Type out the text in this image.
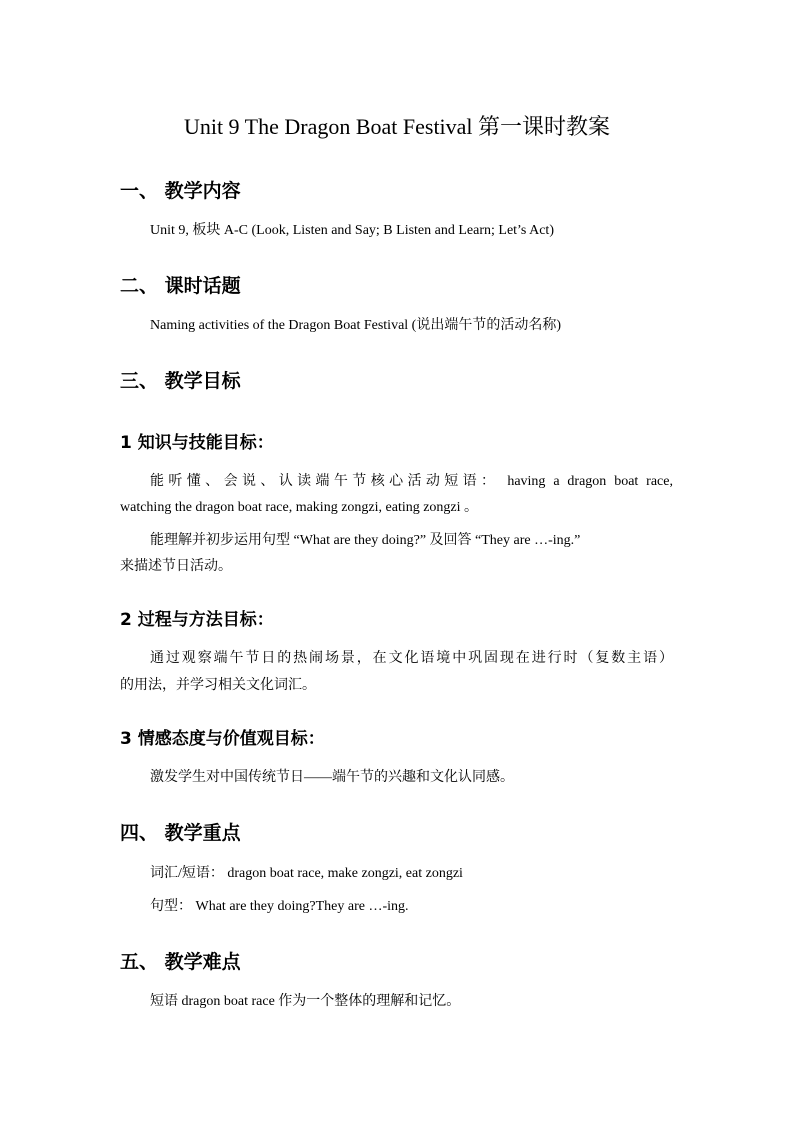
Unit 9 The Dragon Boat Festival 第一课时教案
一、 教学内容
Unit 9, 板块 A-C (Look, Listen and Say; B Listen and Learn; Let’s Act)
二、 课时话题
Naming activities of the Dragon Boat Festival (说出端午节的活动名称)
三、 教学目标
1 知识与技能目标：
能听懂、会说、认读端午节核心活动短语： having a dragon boat race,
watching the dragon boat race, making zongzi, eating zongzi 。
能理解并初步运用句型 “What are they doing?” 及回答 “They are …-ing.”
来描述节日活动。
2 过程与方法目标：
通过观察端午节日的热闹场景，在文化语境中巩固现在进行时（复数主语）
的用法，并学习相关文化词汇。
3 情感态度与价值观目标：
激发学生对中国传统节日——端午节的兴趣和文化认同感。
四、 教学重点
词汇/短语： dragon boat race, make zongzi, eat zongzi
句型： What are they doing?They are …-ing.
五、 教学难点
短语 dragon boat race 作为一个整体的理解和记忆。
